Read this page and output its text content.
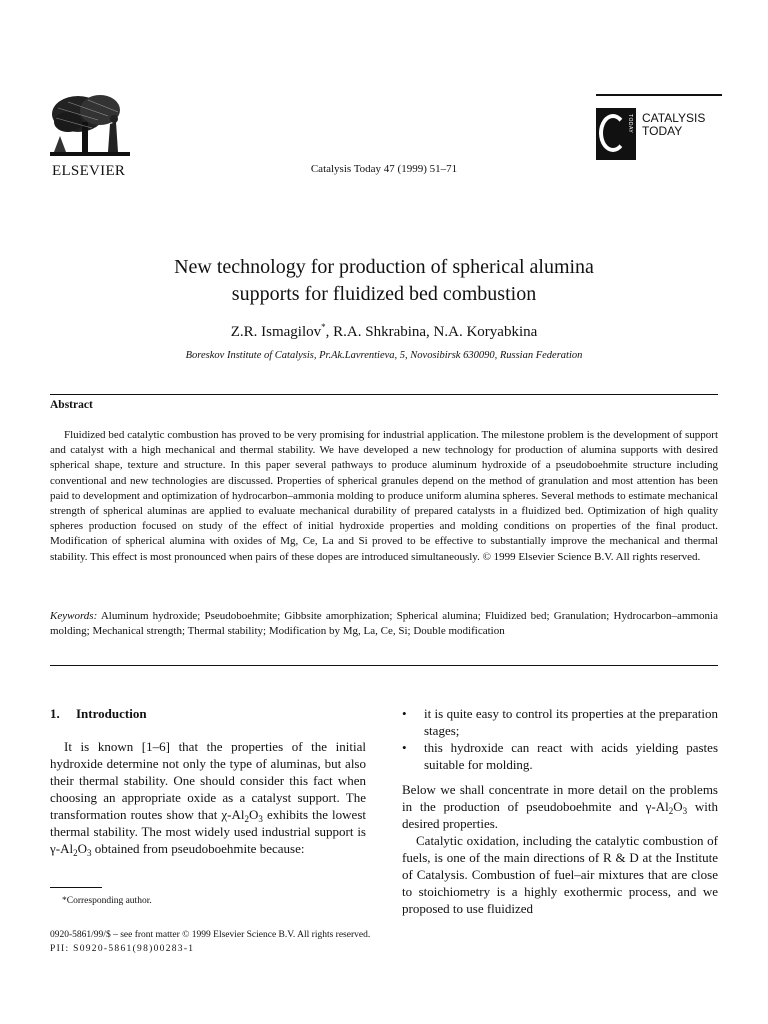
ELSEVIER	Catalysis Today 47 (1999) 51–71
TODAY CATALYSIS
TODAY
New technology for production of spherical alumina
supports for fluidized bed combustion
Z.R. Ismagilov*, R.A. Shkrabina, N.A. Koryabkina
Boreskov Institute of Catalysis, Pr.Ak.Lavrentieva, 5, Novosibirsk 630090, Russian Federation
Abstract
Fluidized bed catalytic combustion has proved to be very promising for industrial application. The milestone problem is the development of support and catalyst with a high mechanical and thermal stability. We have developed a new technology for production of alumina supports with desired spherical shape, texture and structure. In this paper several pathways to produce aluminum hydroxide of a pseudoboehmite structure including conventional and new technologies are discussed. Properties of spherical granules depend on the method of granulation and most attention has been paid to development and optimization of hydrocarbon–ammonia molding to produce uniform alumina spheres. Several methods to estimate mechanical strength of spherical aluminas are applied to evaluate mechanical durability of prepared catalysts in a fluidized bed. Optimization of high quality spheres production focused on study of the effect of initial hydroxide properties and molding conditions on properties of the final product. Modification of spherical alumina with oxides of Mg, Ce, La and Si proved to be effective to substantially improve the mechanical and thermal stability. This effect is most pronounced when pairs of these dopes are introduced simultaneously. © 1999 Elsevier Science B.V. All rights reserved.
Keywords: Aluminum hydroxide; Pseudoboehmite; Gibbsite amorphization; Spherical alumina; Fluidized bed; Granulation; Hydrocarbon–ammonia molding; Mechanical strength; Thermal stability; Modification by Mg, La, Ce, Si; Double modification
1. Introduction

It is known [1–6] that the properties of the initial hydroxide determine not only the type of aluminas, but also their thermal stability. One should consider this fact when choosing an appropriate oxide as a catalyst support. The transformation routes show that $\chi-Al_2O_3$ exhibits the lowest thermal stability. The most widely used industrial support is $\gamma-Al_2O_3$ obtained from pseudoboehmite because:

*Corresponding author.

• it is quite easy to control its properties at the preparation stages;

• this hydroxide can react with acids yielding pastes suitable for molding.

Below we shall concentrate in more detail on the problems in the production of pseudoboehmite and $\gamma-Al_2O_3$ with desired properties.

Catalytic oxidation, including the catalytic combustion of fuels, is one of the main directions of R & D at the Institute of Catalysis. Combustion of fuel–air mixtures that are close to stoichiometry is a highly exothermic process, and we proposed to use fluidized

0920-5861/99/$ – see front matter © 1999 Elsevier Science B.V. All rights reserved.
PII: S0920-5861(98)00283-1
